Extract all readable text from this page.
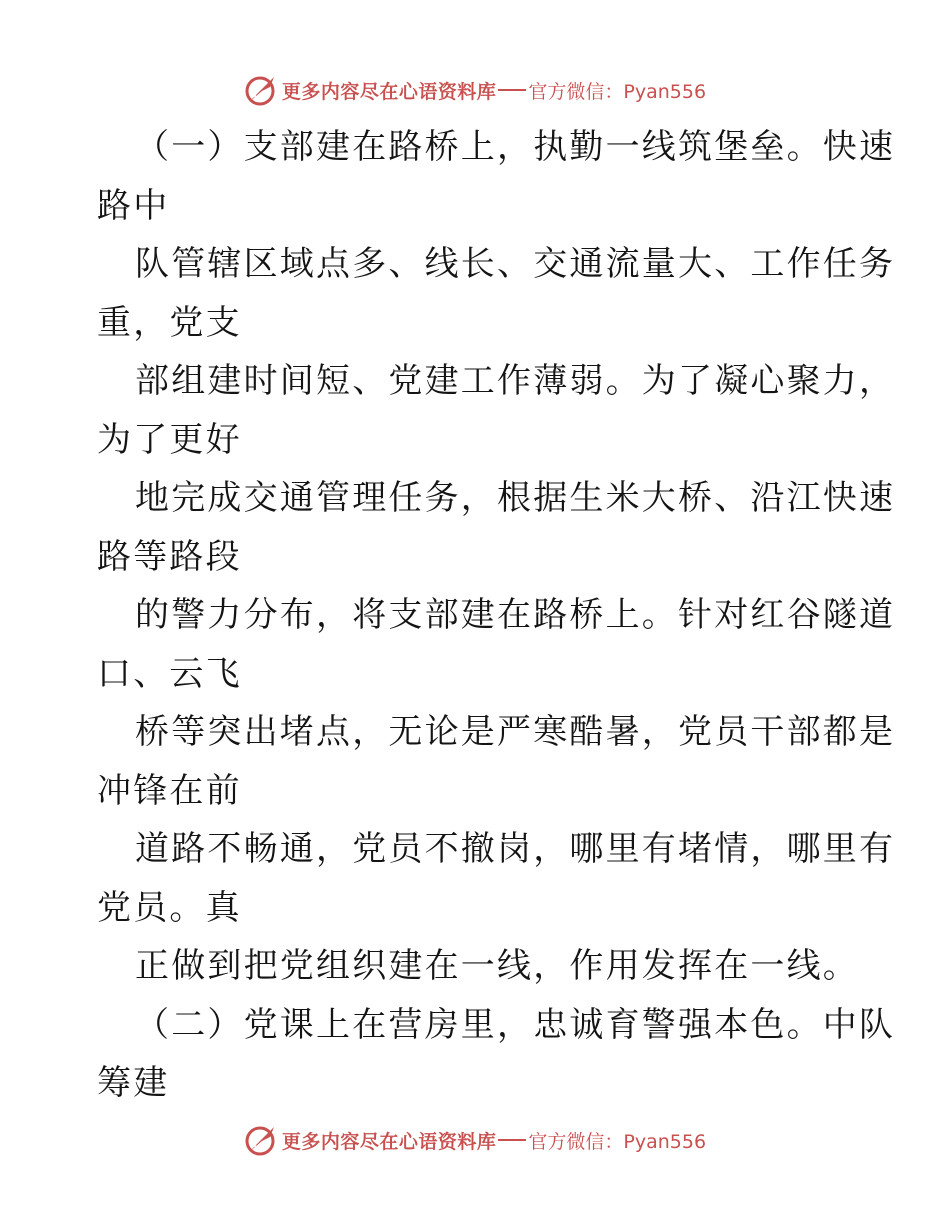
更多内容尽在心语资料库 官方微信：Pyan556
（一）支部建在路桥上，执勤一线筑堡垒。快速
路中
队管辖区域点多、线长、交通流量大、工作任务
重，党支
部组建时间短、党建工作薄弱。为了凝心聚力，
为了更好
地完成交通管理任务，根据生米大桥、沿江快速
路等路段
的警力分布，将支部建在路桥上。针对红谷隧道
口、云飞
桥等突出堵点，无论是严寒酷暑，党员干部都是
冲锋在前
道路不畅通，党员不撤岗，哪里有堵情，哪里有
党员。真
正做到把党组织建在一线，作用发挥在一线。
（二）党课上在营房里，忠诚育警强本色。中队
筹建
更多内容尽在心语资料库 官方微信：Pyan556
